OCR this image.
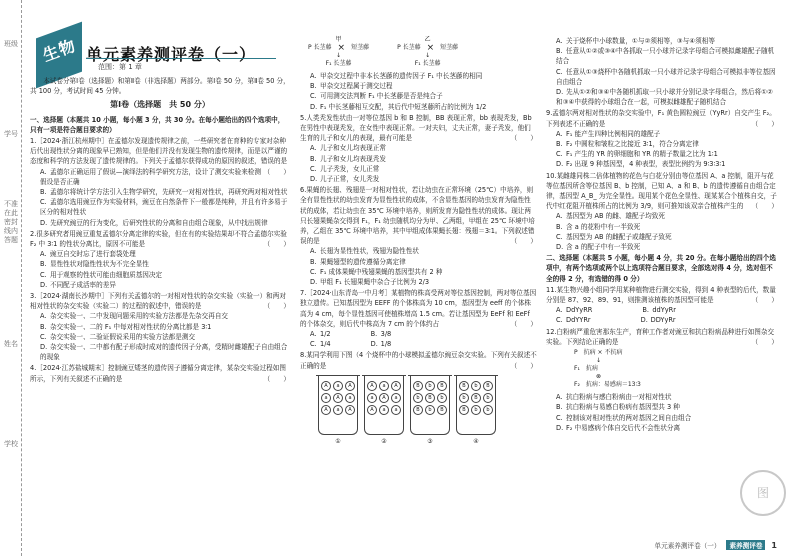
班级
学号
不准在此密封线内答题
姓名
学校
生物 单元素养测评卷（一）
范围：第 1 章
本试卷分第Ⅰ卷（选择题）和第Ⅱ卷（非选择题）两部分。第Ⅰ卷 50 分，第Ⅱ卷 50 分，共 100 分，考试时间 45 分钟。
第Ⅰ卷（选择题　共 50 分）
一、选择题（本题共 10 小题，每小题 3 分，共 30 分。在每小题给出的四个选项中，只有一项是符合题目要求的）
1.［2024·浙江杭州期中］在孟德尔发现遗传规律之前，一些研究者在育种的专家对杂种后代出现性状分离的现象早已熟知，但是他们并没有发现生物的遗传规律，而是以严谨的态度和科学的方法发现了遗传规律的。下列关于孟德尔获得成功的原因的叙述，错误的是
（　　）
A. 孟德尔正确运用了假说—演绎法的科学研究方法，设计了测交实验来检测假设是否正确
B. 孟德尔将统计学方法引入生物学研究，先研究一对相对性状，再研究两对相对性状
C. 孟德尔选用豌豆作为实验材料，豌豆在自然条件下一般都是纯种，并且有许多易于区分的相对性状
D. 先研究豌豆的行为变化，后研究性状的分离和自由组合现象，从中找出规律
2.很多研究者用豌豆重复孟德尔分离定律的实验，但在有的实验结果却不符合孟德尔实验 F₂ 中 3∶1 的性状分离比，原因不可能是	（　　）
A. 豌豆自交时忘了进行套袋处理
B. 显性性状对隐性性状为不完全显性
C. 用于观察的性状可能由细胞质基因决定
D. 不同配子成活率的差异
3.［2024·湖南长沙期中］下列有关孟德尔的一对相对性状的杂交实验（实验一）和两对相对性状的杂交实验（实验二）的过程的叙述中，错误的是	（　　）
A. 杂交实验一、二中发现问题采用的实验方法都是先杂交再自交
B. 杂交实验一、二的 F₁ 中每对相对性状的分离比都是 3∶1
C. 杂交实验一、二验证假说采用的实验方法都是测交
D. 杂交实验一、二中都有配子形成时成对的遗传因子分离，受精时雌雄配子自由组合的现象
4.［2024·江苏盐城期末］控制豌豆矮茎的遗传因子遵循分离定律，某杂交实验过程如图所示，下列有关叙述不正确的是	（　　）
甲
P 长茎藤 × 短茎藤
↓
F₁ 长茎藤
乙
P 长茎藤 × 短茎藤
↓
F₁ 长茎藤
A. 甲杂交过程中非本长茎藤的遗传因子 F₁ 中长茎藤的相同
B. 甲杂交过程属于测交过程
C. 可用测交法判断 F₁ 中长茎藤是否是纯合子
D. F₁ 中长茎藤相互交配，其后代中短茎藤所占的比例为 1/2
5.人类秃发性状由一对等位基因 b 和 B 控制，BB 表现正常，bb 表现秃发，Bb 在男性中表现秃发，在女性中表现正常。一对夫妇，丈夫正常，妻子秃发，他们生育的儿子和女儿的表现，最有可能是	（　　）
A. 儿子和女儿均表现正常
B. 儿子和女儿均表现秃发
C. 儿子秃发，女儿正常
D. 儿子正常，女儿秃发
6.果蝇的长翅、残翅是一对相对性状，若让幼虫在正常环境（25℃）中培养，则全有显性性状的幼虫发育为显性性状的成体，不含显性基因的幼虫发育为隐性性状的成体，若让幼虫在 35℃ 环境中培养，则所发育为隐性性状的成体。现让两只长翅果蝇杂交得到 F₁，F₁ 幼虫随机均分为甲、乙两组，甲组在 25℃ 环境中培养，乙组在 35℃ 环境中培养，其中甲组成体果蝇长翅：残翅＝3∶1。下列叙述错误的是	（　　）
A. 长翅为显性性状，残翅为隐性性状
B. 果蝇翅型的遗传遵循分离定律
C. F₁ 成体果蝇中残翅果蝇的基因型共有 2 种
D. 甲组 F₁ 长翅果蝇中杂合子比例为 2/3
7.［2024·山东青岛一中月考］某植物的株高受两对等位基因控制，两对等位基因独立遗传。已知基因型为 EEFF 的个体株高为 10 cm，基因型为 eeff 的个体株高为 4 cm，每个显性基因可使植株增高 1.5 cm。若让基因型为 EeFf 和 EeFf 的个体杂交，则后代中株高为 7 cm 的个体约占	（　　）
A. 1/2	B. 3/8
C. 1/4	D. 1/8
8.某同学利用下图（4 个烧杯中的小球模拟孟德尔豌豆杂交实验。下列有关叙述不正确的是	（　　）
A	a	A
a	A	a
A	a	A
A	a	A
a	A	a
A	a	a
B	b	B
b	B	b
B	b	B
B	b	B
b	B	b
B	b	b
①	②	③	④
A. 关于烧杯中小球数量，①与②须相等，③与④须相等
B. 任意从①②或③④中各抓取一只小球并记录字母组合可模拟雌雄配子随机结合
C. 任意从①③烧杯中各随机抓取一只小球并记录字母组合可模拟非等位基因自由组合
D. 先从①②和③④中各随机抓取一只小球并分别记录字母组合，然后将①②和③④中获得的小球组合在一起，可模拟雌雄配子随机结合
9.孟德尔两对相对性状的杂交实验中，F₁ 黄色圆粒豌豆（YyRr）自交产生 F₂。下列表述不正确的是	（　　）
A. F₁ 能产生四种比例相同的雄配子
B. F₂ 中圆粒和皱粒之比接近 3∶1，符合分离定律
C. F₁ 产生的 YR 的卵细胞和 YR 的精子数量之比为 1∶1
D. F₂ 出现 9 种基因型，4 种表型，表型比例约为 9∶3∶3∶1
10.某雌雄同株二倍体植物的花色与白花分别由等位基因 A、a 控制，阻开与花等位基因所含等位基因 B、b 控制，已知 A、a 和 B、b 的遗传遵循自由组合定律，基因型 A_B_ 为完全显性。现用某个花色全显性、现某某合个植株自交，子代中红花阻开植株所占的比例为 3/9，则可推知该双亲合植株产生的 （　　）
A. 基因型为 AB 的雌、雄配子均致死
B. 含 a 的花粉中有一半致死
C. 基因型为 AB 的雌配子或雄配子致死
D. 含 a 的配子中有一半致死
二、选择题（本题共 5 小题，每小题 4 分，共 20 分。在每小题给出的四个选项中，有两个选项或两个以上选项符合题目要求，全部选对得 4 分，选对但不全的得 2 分，有选错的得 0 分）
11.某生物兴趣小组同学用某种植物进行测交实验，得到 4 种表型的后代，数量分别是 87、92、89、91，则推测该植株的基因型可能是	（　　）
A. DdYyRR	B. ddYyRr
C. DdYYRr	D. DDYyRr
12.白粉病严重危害那东生产，育种工作者对豌豆和抗白粉病品种进行如图杂交实验。下列结论正确的是	（　　）
P　抗病 × 不抗病
↓
F₁　抗病
⊗
F₂　抗病：易感病＝13∶3
A. 抗白粉病与感白粉病由一对相对性状
B. 抗白粉病与易感白粉病有基因型共 3 种
C. 控制该对相对性状的两对基因之间自由组合
D. F₂ 中易感病个体自交后代不会性状分离
图
单元素养测评卷（一）	素养测评卷	1
